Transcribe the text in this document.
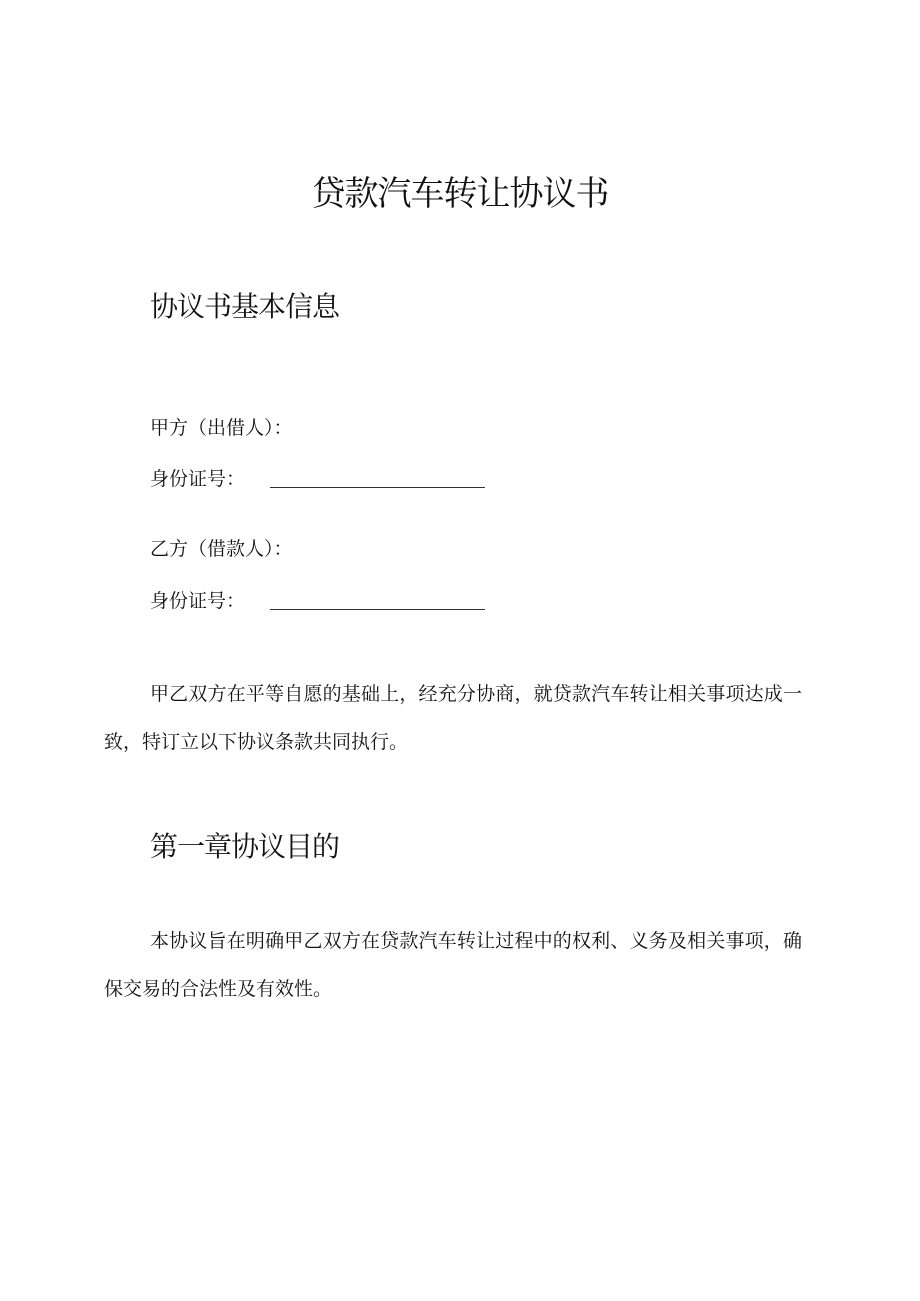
贷款汽车转让协议书
协议书基本信息
甲方（出借人）：
身份证号：
乙方（借款人）：
身份证号：

甲乙双方在平等自愿的基础上，经充分协商，就贷款汽车转让相关事项达成一致，特订立以下协议条款共同执行。

第一章协议目的

本协议旨在明确甲乙双方在贷款汽车转让过程中的权利、义务及相关事项，确保交易的合法性及有效性。
